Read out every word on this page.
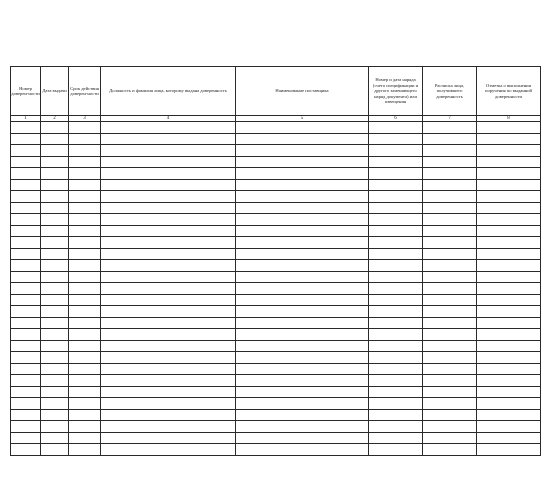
Номер доверен-ности	Дата выдачи	Срок действия доверен-ности	Должность и фамилия лица, которому выдана доверенность	Наименование поставщика	Номер и дата наряда (счета спецификации и другого заменяющего наряд документа) или извещения	Расписка лица, получившего доверенность	Отметка о выполнении поручения по выданной доверенности

1	2	3	4	5	6	7	8
